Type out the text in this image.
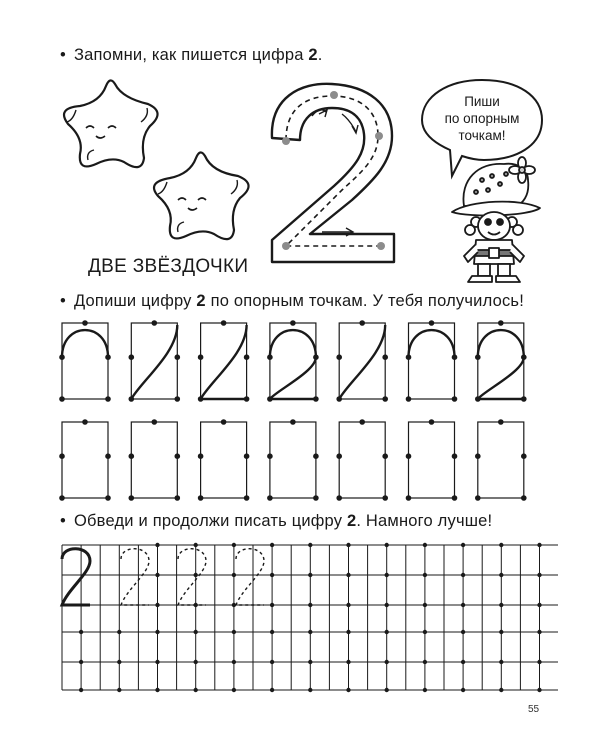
• Запомни, как пишется цифра 2.
• Допиши цифру 2 по опорным точкам. У тебя получилось!
• Обведи и продолжи писать цифру 2. Намного лучше!
Пиши
по опорным
точкам!
ДВЕ ЗВЁЗДОЧКИ
55
